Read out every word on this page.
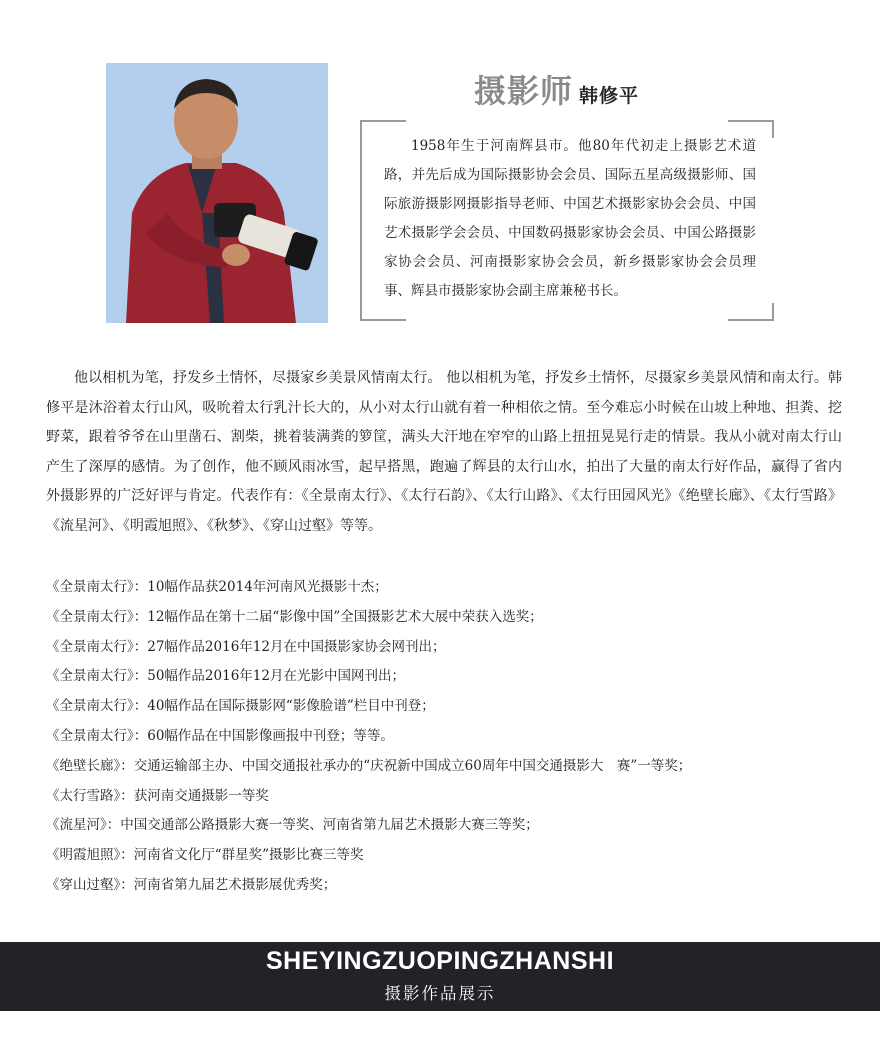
摄影师 韩修平

1958年生于河南辉县市。他80年代初走上摄影艺术道路，并先后成为国际摄影协会会员、国际五星高级摄影师、国际旅游摄影网摄影指导老师、中国艺术摄影家协会会员、中国艺术摄影学会会员、中国数码摄影家协会会员、中国公路摄影家协会会员、河南摄影家协会会员，新乡摄影家协会会员理事、辉县市摄影家协会副主席兼秘书长。

他以相机为笔，抒发乡土情怀，尽摄家乡美景风情南太行。 他以相机为笔，抒发乡土情怀，尽摄家乡美景风情和南太行。韩修平是沐浴着太行山风，吸吮着太行乳汁长大的，从小对太行山就有着一种相依之情。至今难忘小时候在山坡上种地、担粪、挖野菜，跟着爷爷在山里凿石、割柴，挑着装满粪的箩筐，满头大汗地在窄窄的山路上扭扭晃晃行走的情景。我从小就对南太行山产生了深厚的感情。为了创作，他不顾风雨冰雪，起早搭黑，跑遍了辉县的太行山水，拍出了大量的南太行好作品，赢得了省内外摄影界的广泛好评与肯定。代表作有：《全景南太行》、《太行石韵》、《太行山路》、《太行田园风光》《绝壁长廊》、《太行雪路》《流星河》、《明霞旭照》、《秋梦》、《穿山过壑》等等。

《全景南太行》：10幅作品获2014年河南风光摄影十杰；
《全景南太行》：12幅作品在第十二届“影像中国”全国摄影艺术大展中荣获入选奖；
《全景南太行》：27幅作品2016年12月在中国摄影家协会网刊出；
《全景南太行》：50幅作品2016年12月在光影中国网刊出；
《全景南太行》：40幅作品在国际摄影网“影像脸谱”栏目中刊登；
《全景南太行》：60幅作品在中国影像画报中刊登；等等。
《绝壁长廊》：交通运输部主办、中国交通报社承办的“庆祝新中国成立60周年中国交通摄影大　赛”一等奖；
《太行雪路》：获河南交通摄影一等奖
《流星河》：中国交通部公路摄影大赛一等奖、河南省第九届艺术摄影大赛三等奖；
《明霞旭照》：河南省文化厅“群星奖”摄影比赛三等奖
《穿山过壑》：河南省第九届艺术摄影展优秀奖；
SHEYINGZUOPINGZHANSHI
摄影作品展示
